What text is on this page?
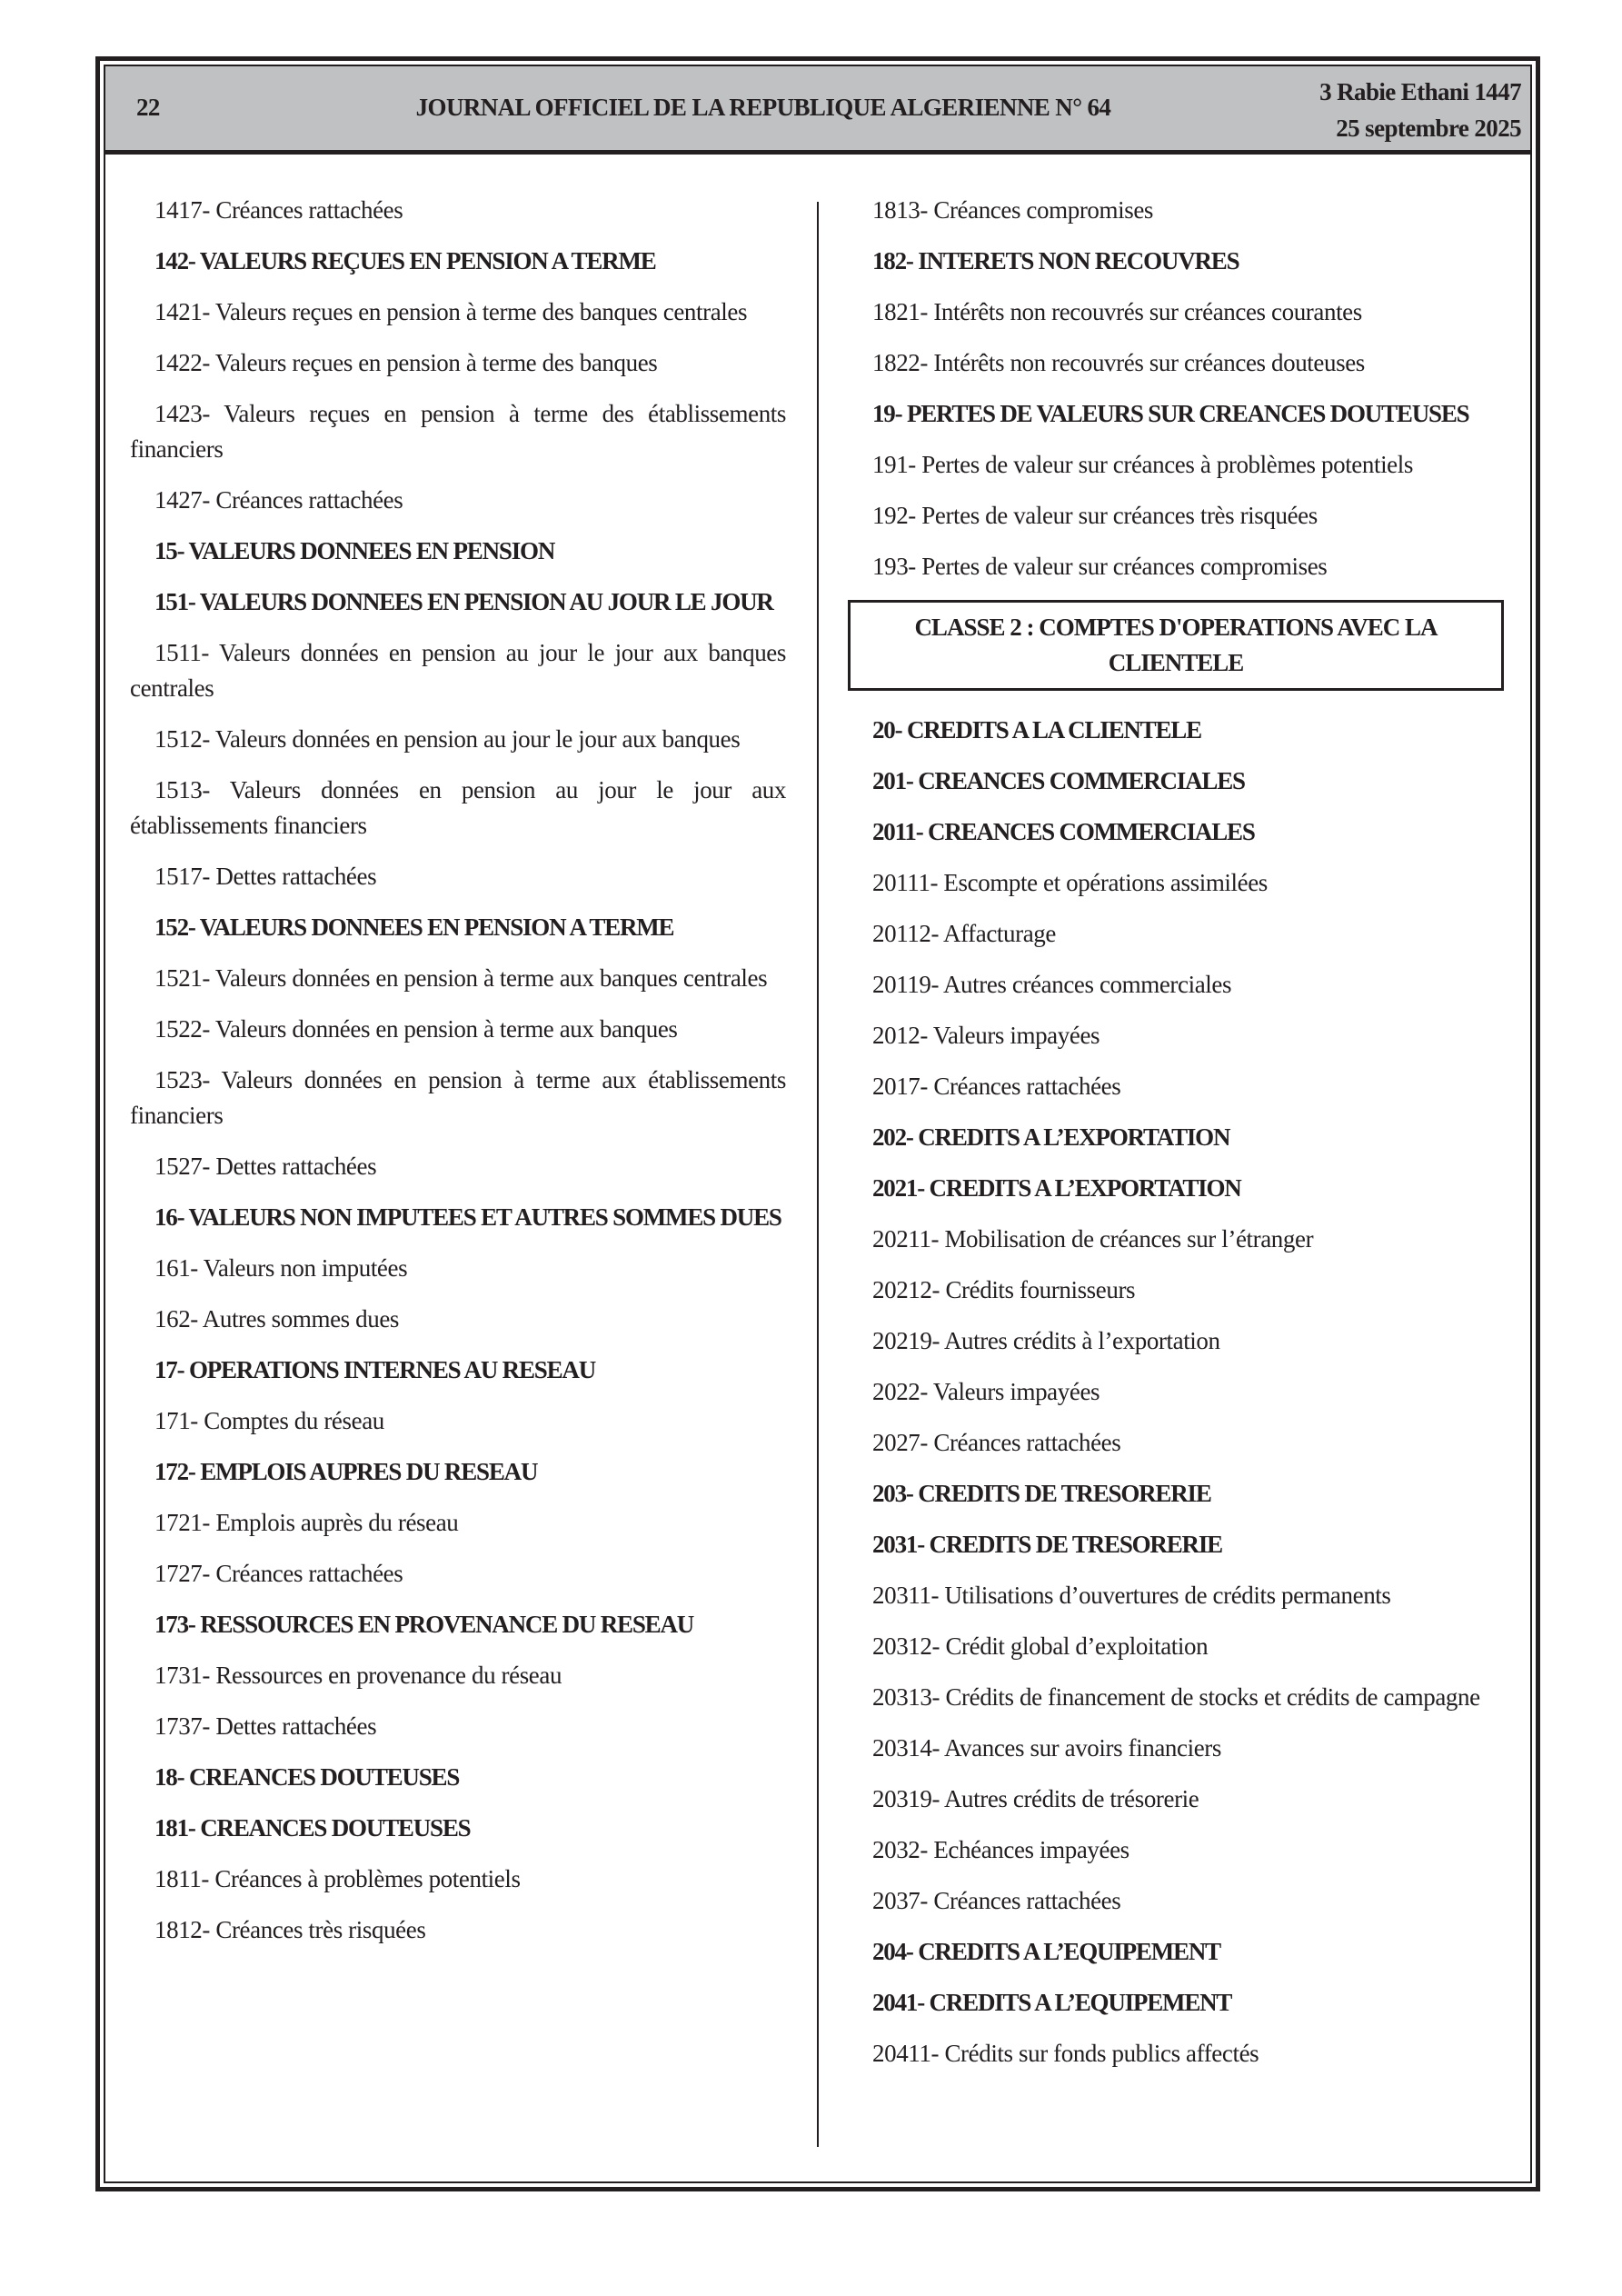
22	JOURNAL OFFICIEL DE LA REPUBLIQUE ALGERIENNE N° 64
3 Rabie Ethani 1447
25 septembre 2025
1417- Créances rattachées
142- VALEURS REÇUES EN PENSION A TERME
1421- Valeurs reçues en pension à terme des banques centrales
1422- Valeurs reçues en pension à terme des banques
1423- Valeurs reçues en pension à terme des établissements financiers
1427- Créances rattachées
15- VALEURS DONNEES EN PENSION
151- VALEURS DONNEES EN PENSION AU JOUR LE JOUR
1511- Valeurs données en pension au jour le jour aux banques centrales
1512- Valeurs données en pension au jour le jour aux banques
1513- Valeurs données en pension au jour le jour aux établissements financiers
1517- Dettes rattachées
152- VALEURS DONNEES EN PENSION A TERME
1521- Valeurs données en pension à terme aux banques centrales
1522- Valeurs données en pension à terme aux banques
1523- Valeurs données en pension à terme aux établissements financiers
1527- Dettes rattachées
16- VALEURS NON IMPUTEES ET AUTRES SOMMES DUES
161- Valeurs non imputées
162- Autres sommes dues
17- OPERATIONS INTERNES AU RESEAU
171- Comptes du réseau
172- EMPLOIS AUPRES DU RESEAU
1721- Emplois auprès du réseau
1727- Créances rattachées
173- RESSOURCES EN PROVENANCE DU RESEAU
1731- Ressources en provenance du réseau
1737- Dettes rattachées
18- CREANCES DOUTEUSES
181- CREANCES DOUTEUSES
1811- Créances à problèmes potentiels
1812- Créances très risquées
1813- Créances compromises
182- INTERETS NON RECOUVRES
1821- Intérêts non recouvrés sur créances courantes
1822- Intérêts non recouvrés sur créances douteuses
19- PERTES DE VALEURS SUR CREANCES DOUTEUSES
191- Pertes de valeur sur créances à problèmes potentiels
192- Pertes de valeur sur créances très risquées
193- Pertes de valeur sur créances compromises
CLASSE 2 : COMPTES D'OPERATIONS AVEC LA CLIENTELE
20- CREDITS A LA CLIENTELE
201- CREANCES COMMERCIALES
2011- CREANCES COMMERCIALES
20111- Escompte et opérations assimilées
20112- Affacturage
20119- Autres créances commerciales
2012- Valeurs impayées
2017- Créances rattachées
202- CREDITS A L’EXPORTATION
2021- CREDITS A L’EXPORTATION
20211- Mobilisation de créances sur l’étranger
20212- Crédits fournisseurs
20219- Autres crédits à l’exportation
2022- Valeurs impayées
2027- Créances rattachées
203- CREDITS DE TRESORERIE
2031- CREDITS DE TRESORERIE
20311- Utilisations d’ouvertures de crédits permanents
20312- Crédit global d’exploitation
20313- Crédits de financement de stocks et crédits de campagne
20314- Avances sur avoirs financiers
20319- Autres crédits de trésorerie
2032- Echéances impayées
2037- Créances rattachées
204- CREDITS A L’EQUIPEMENT
2041- CREDITS A L’EQUIPEMENT
20411- Crédits sur fonds publics affectés
